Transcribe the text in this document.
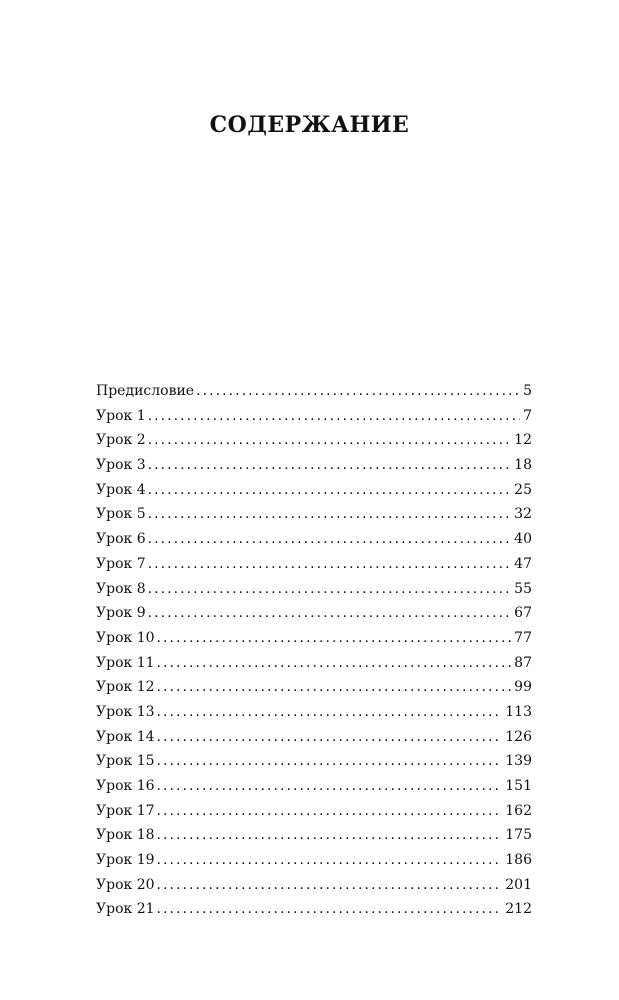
СОДЕРЖАНИЕ
Предисловие . . .	5
Урок 1 . . .	7
Урок 2 . . .	12
Урок 3 . . .	18
Урок 4 . . .	25
Урок 5 . . .	32
Урок 6 . . .	40
Урок 7 . . .	47
Урок 8 . . .	55
Урок 9 . . .	67
Урок 10 . . .	77
Урок 11 . . .	87
Урок 12 . . .	99
Урок 13 . . .	113
Урок 14 . . .	126
Урок 15 . . .	139
Урок 16 . . .	151
Урок 17 . . .	162
Урок 18 . . .	175
Урок 19 . . .	186
Урок 20 . . .	201
Урок 21 . . .	212
